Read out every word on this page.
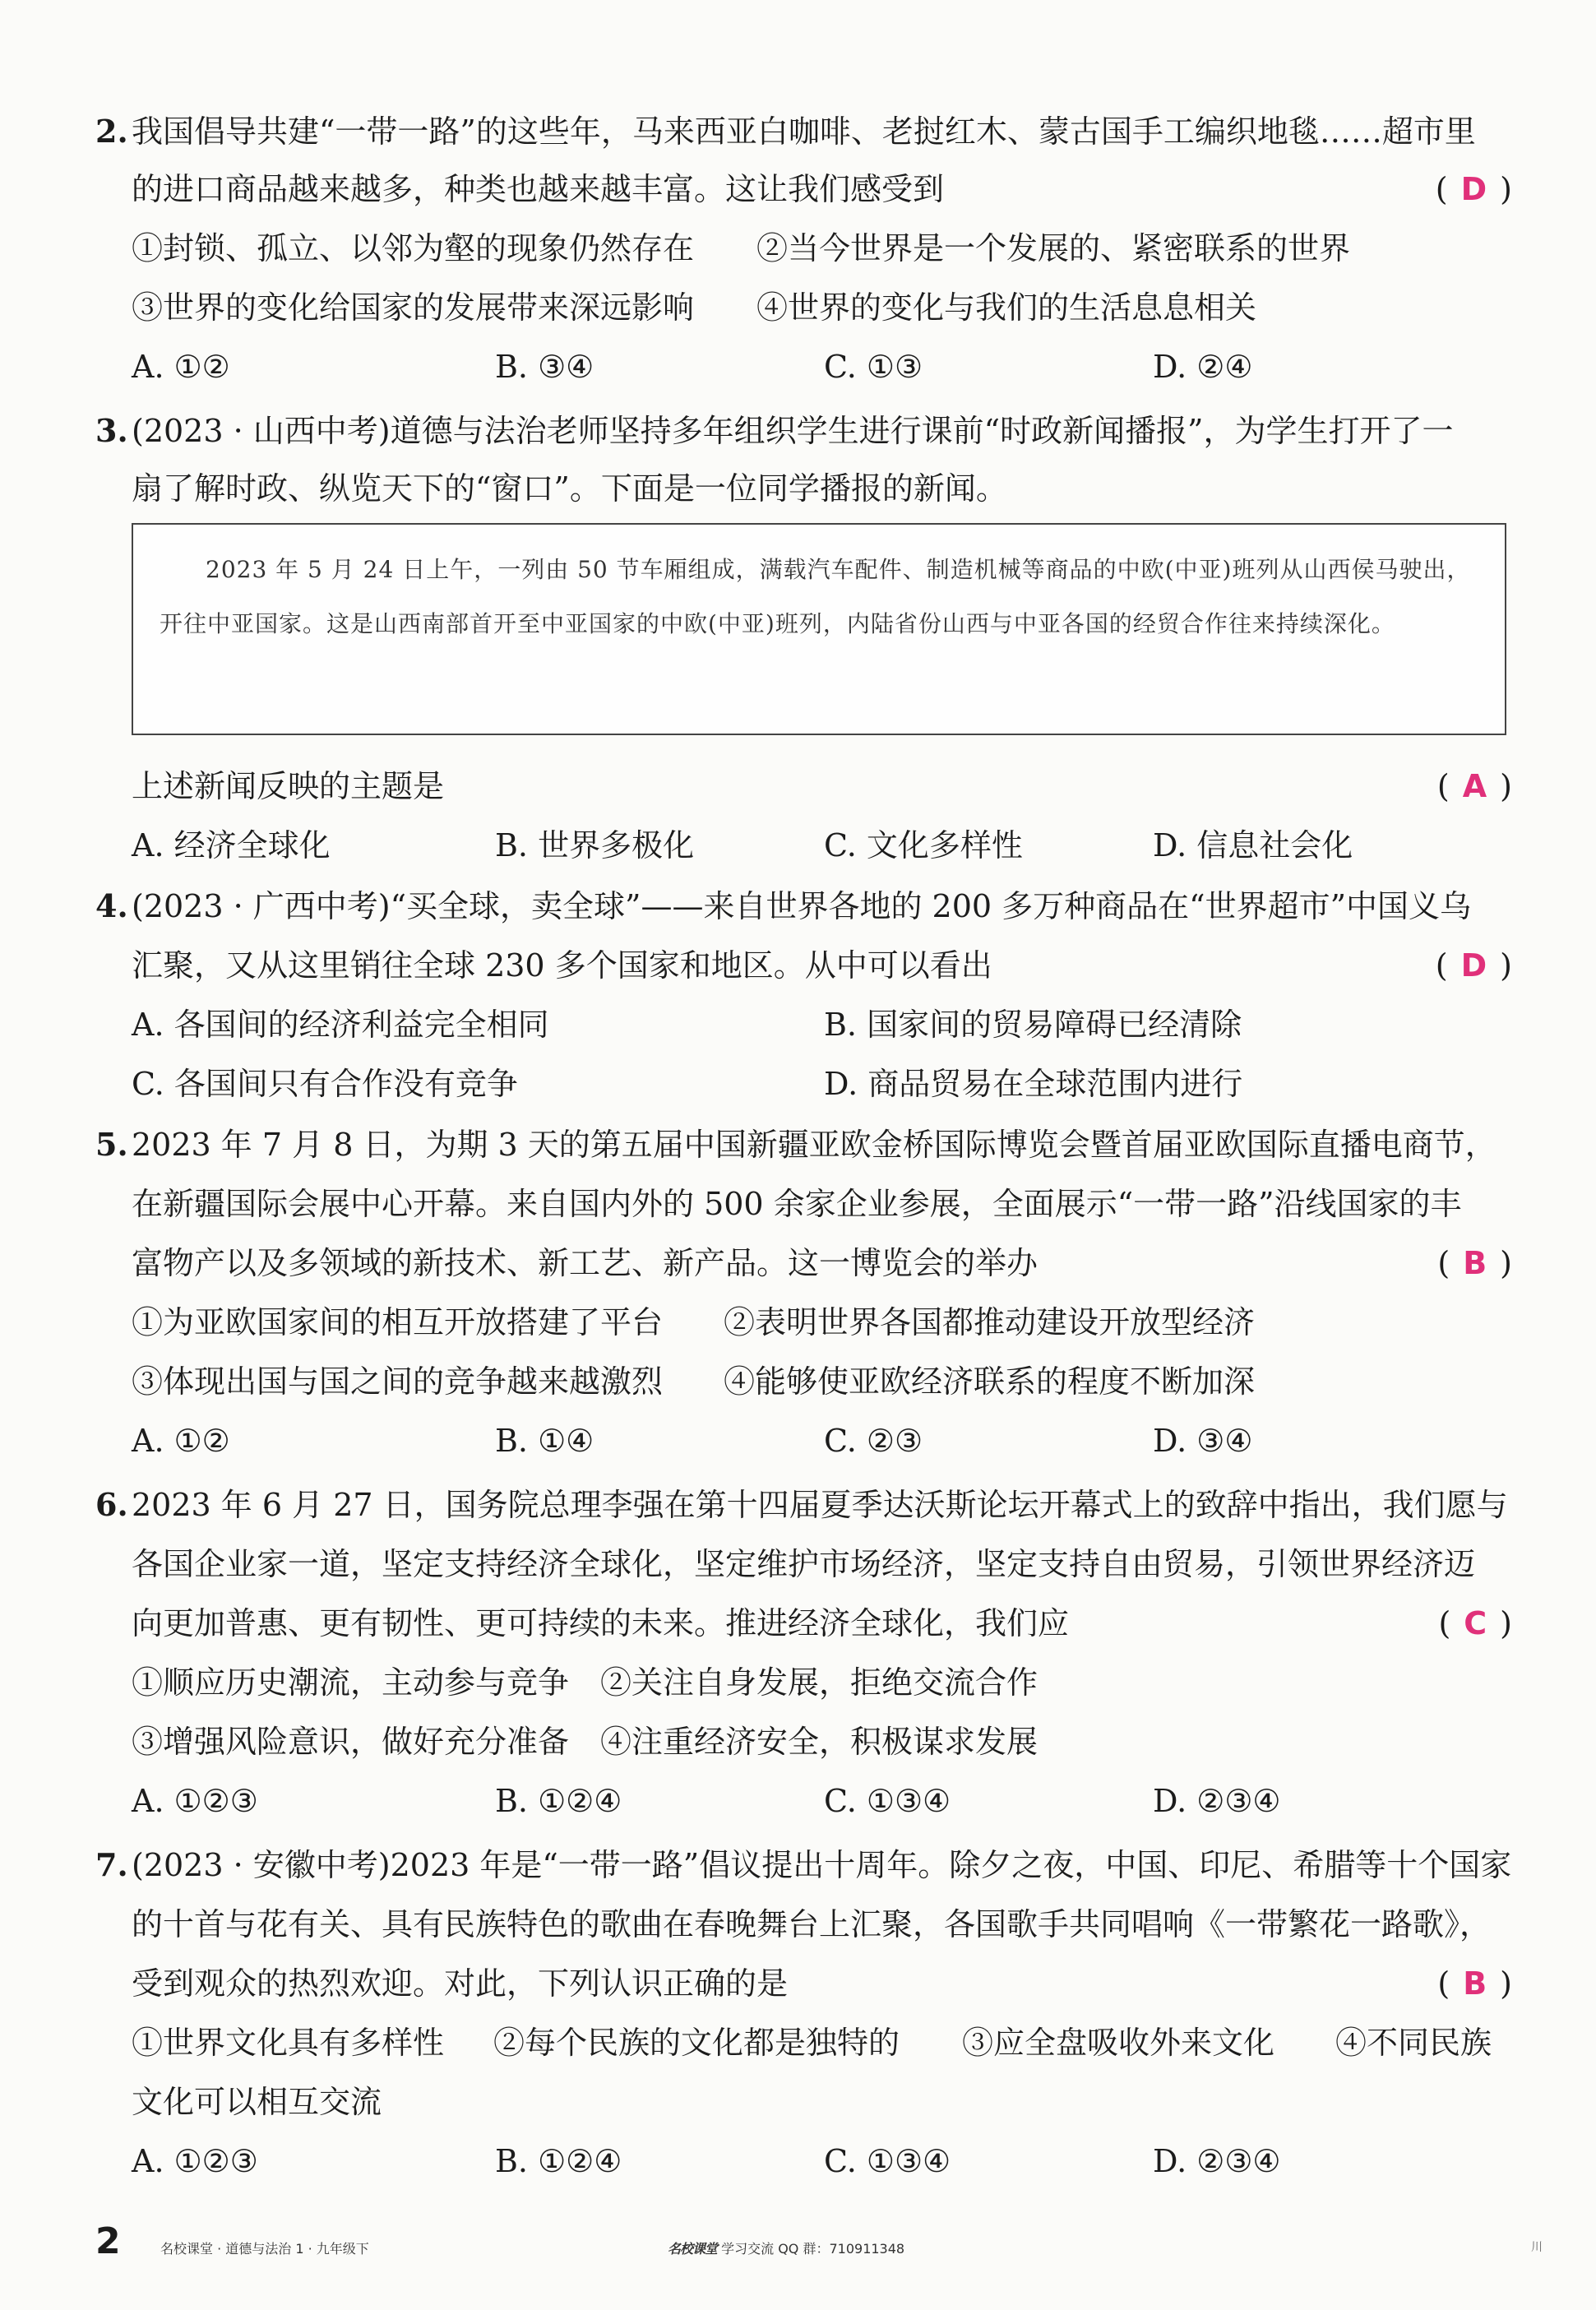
2. 我国倡导共建“一带一路”的这些年，马来西亚白咖啡、老挝红木、蒙古国手工编织地毯……超市里
的进口商品越来越多，种类也越来越丰富。这让我们感受到	( D )
①封锁、孤立、以邻为壑的现象仍然存在 ②当今世界是一个发展的、紧密联系的世界
③世界的变化给国家的发展带来深远影响 ④世界的变化与我们的生活息息相关
A. ①②	B. ③④	C. ①③	D. ②④
3. (2023 · 山西中考)道德与法治老师坚持多年组织学生进行课前“时政新闻播报”，为学生打开了一
扇了解时政、纵览天下的“窗口”。下面是一位同学播报的新闻。

2023 年 5 月 24 日上午，一列由 50 节车厢组成，满载汽车配件、制造机械等商品的中欧(中亚)班列从山西侯马驶出，开往中亚国家。这是山西南部首开至中亚国家的中欧(中亚)班列，内陆省份山西与中亚各国的经贸合作往来持续深化。

上述新闻反映的主题是	( A )
A. 经济全球化	B. 世界多极化	C. 文化多样性	D. 信息社会化
4. (2023 · 广西中考)“买全球，卖全球”——来自世界各地的 200 多万种商品在“世界超市”中国义乌
汇聚，又从这里销往全球 230 多个国家和地区。从中可以看出	( D )
A. 各国间的经济利益完全相同	B. 国家间的贸易障碍已经清除
C. 各国间只有合作没有竞争	D. 商品贸易在全球范围内进行
5. 2023 年 7 月 8 日，为期 3 天的第五届中国新疆亚欧金桥国际博览会暨首届亚欧国际直播电商节，
在新疆国际会展中心开幕。来自国内外的 500 余家企业参展，全面展示“一带一路”沿线国家的丰
富物产以及多领域的新技术、新工艺、新产品。这一博览会的举办	( B )
①为亚欧国家间的相互开放搭建了平台 ②表明世界各国都推动建设开放型经济
③体现出国与国之间的竞争越来越激烈 ④能够使亚欧经济联系的程度不断加深
A. ①②	B. ①④	C. ②③	D. ③④
6. 2023 年 6 月 27 日，国务院总理李强在第十四届夏季达沃斯论坛开幕式上的致辞中指出，我们愿与
各国企业家一道，坚定支持经济全球化，坚定维护市场经济，坚定支持自由贸易，引领世界经济迈
向更加普惠、更有韧性、更可持续的未来。推进经济全球化，我们应	( C )
①顺应历史潮流，主动参与竞争 ②关注自身发展，拒绝交流合作
③增强风险意识，做好充分准备 ④注重经济安全，积极谋求发展
A. ①②③	B. ①②④	C. ①③④	D. ②③④
7. (2023 · 安徽中考)2023 年是“一带一路”倡议提出十周年。除夕之夜，中国、印尼、希腊等十个国家
的十首与花有关、具有民族特色的歌曲在春晚舞台上汇聚，各国歌手共同唱响《一带繁花一路歌》，
受到观众的热烈欢迎。对此，下列认识正确的是	( B )
①世界文化具有多样性 ②每个民族的文化都是独特的 ③应全盘吸收外来文化 ④不同民族
文化可以相互交流
A. ①②③	B. ①②④	C. ①③④	D. ②③④
2	名校课堂 · 道德与法治 1 · 九年级下	名校课堂 学习交流 QQ 群：710911348	川
